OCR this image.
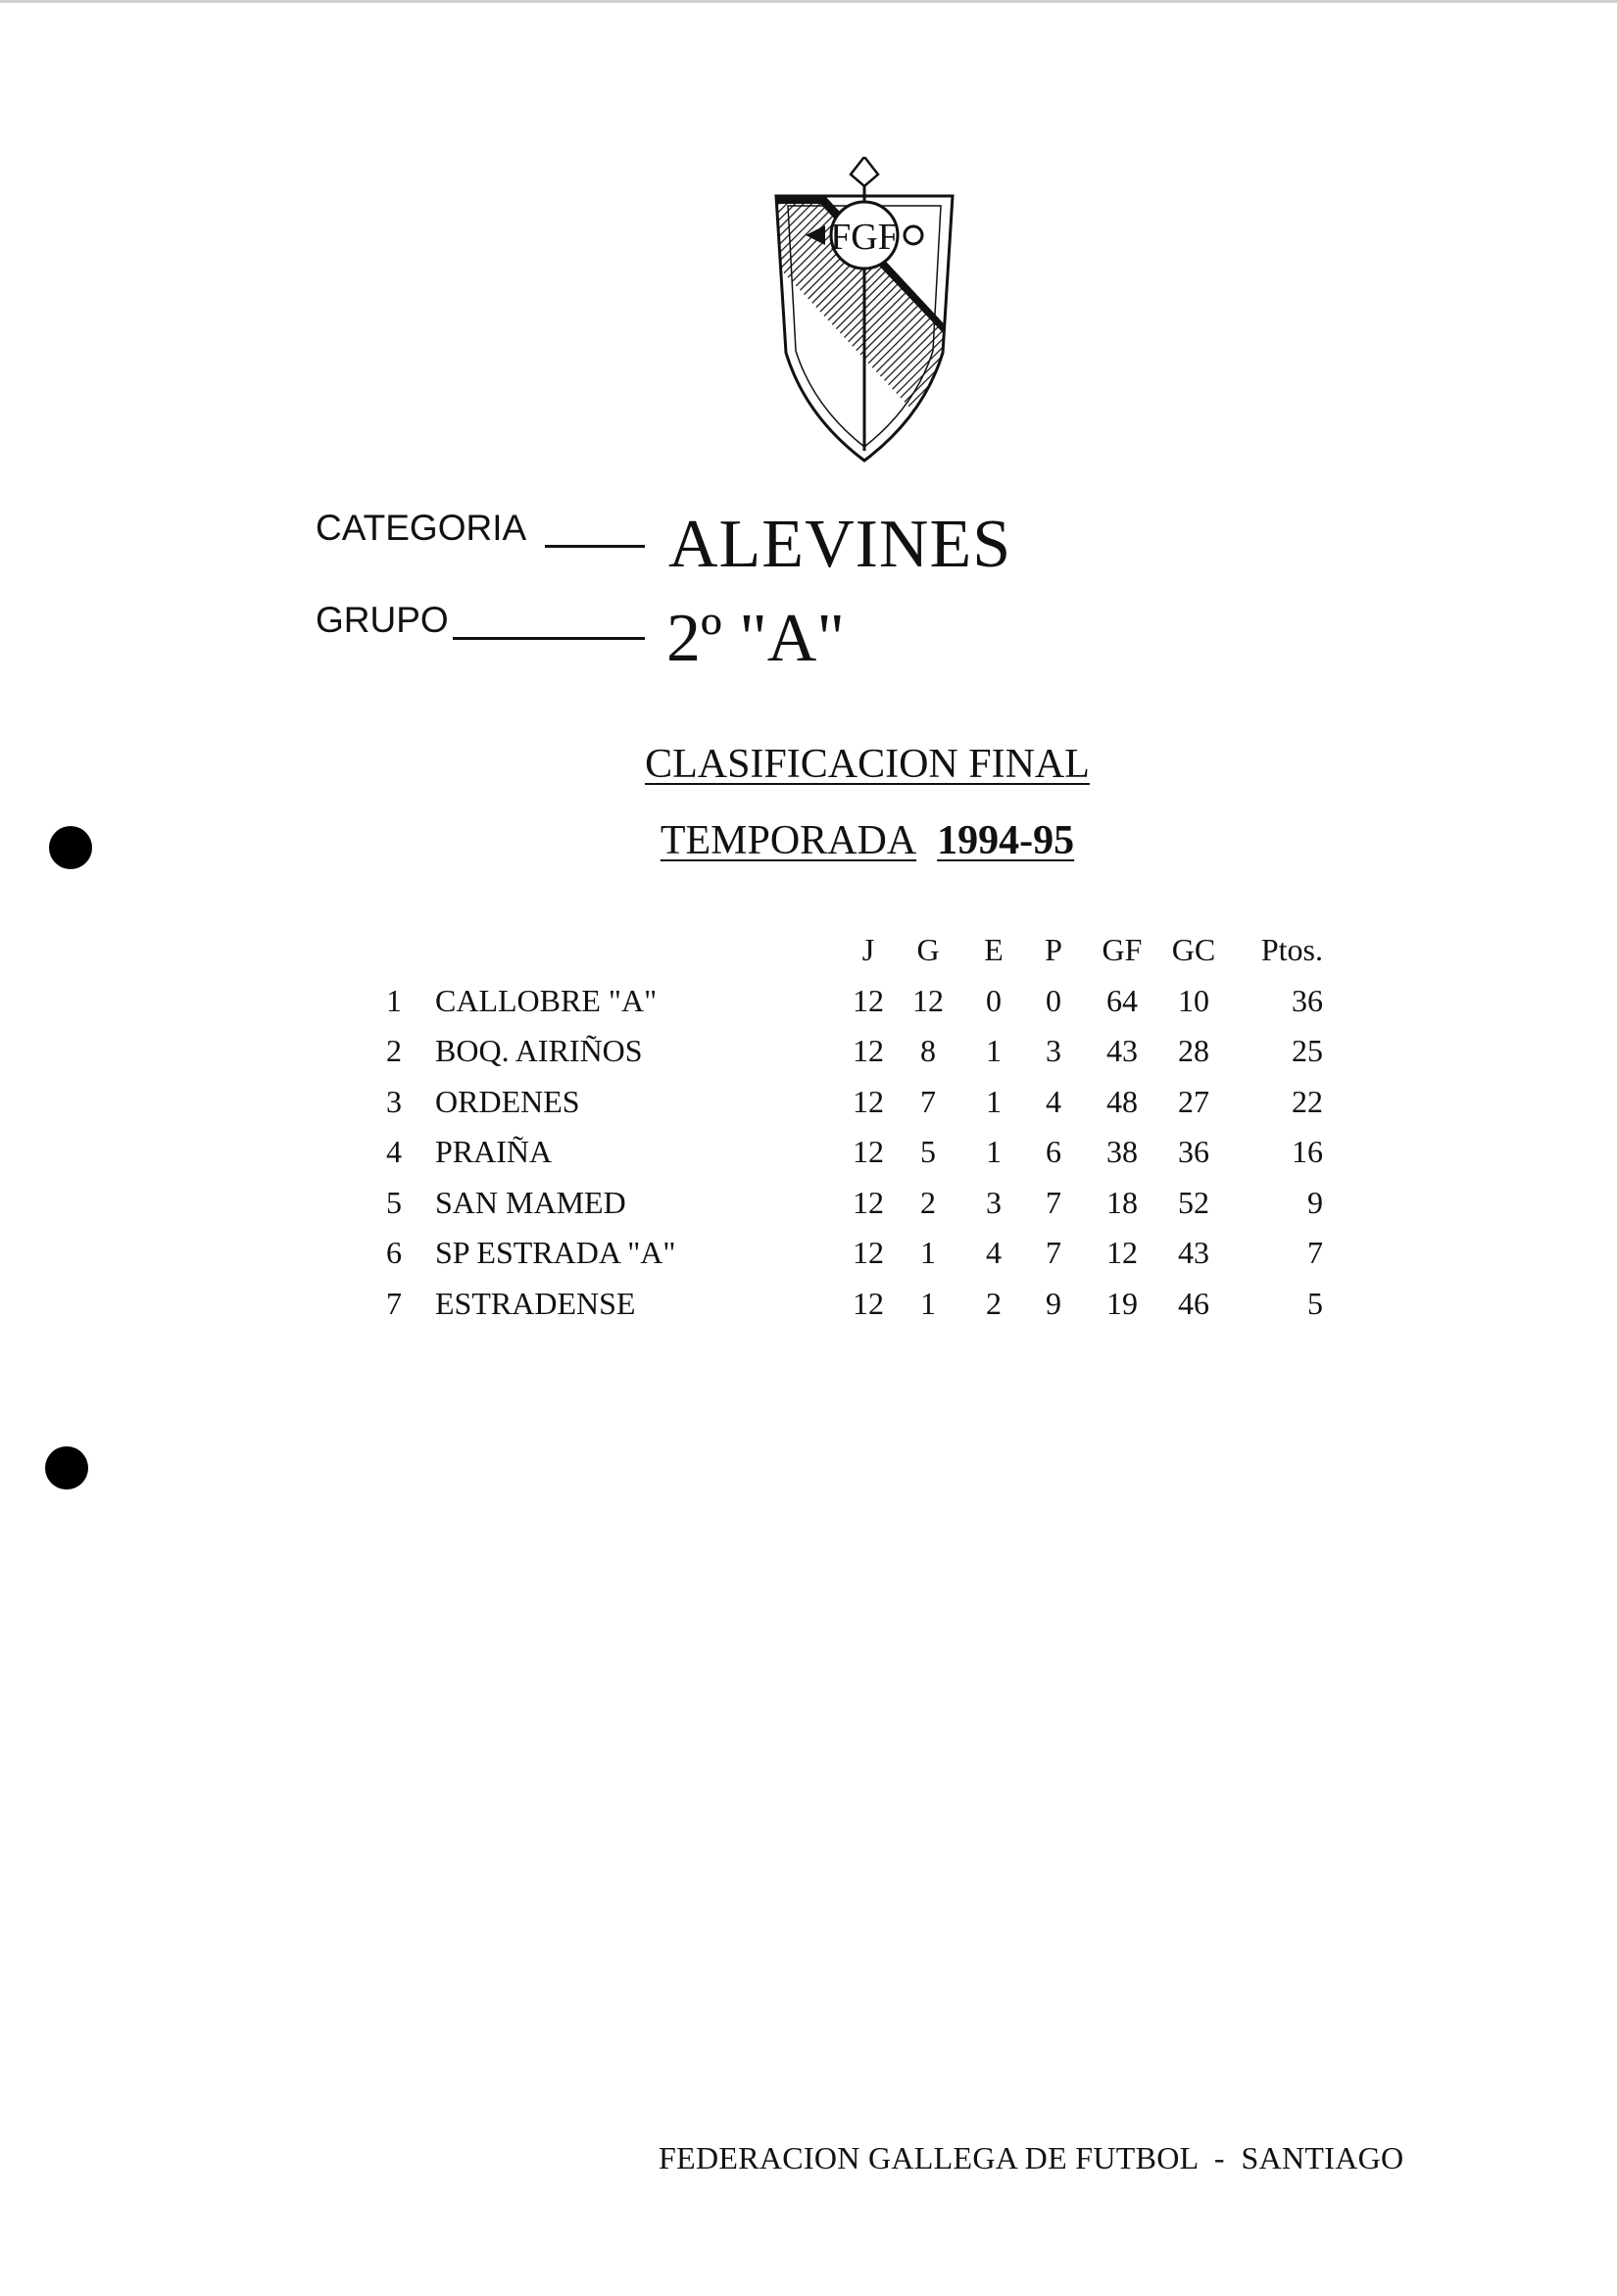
FGF
CATEGORIA ALEVINES
GRUPO	2º "A"
CLASIFICACION FINAL
TEMPORADA 1994-95
		J	G	E	P	GF	GC	Ptos.
1	CALLOBRE "A"	12	12	0	0	64	10	36
2	BOQ. AIRIÑOS	12	8	1	3	43	28	25
3	ORDENES	12	7	1	4	48	27	22
4	PRAIÑA	12	5	1	6	38	36	16
5	SAN MAMED	12	2	3	7	18	52	9
6	SP ESTRADA "A"	12	1	4	7	12	43	7
7	ESTRADENSE	12	1	2	9	19	46	5
FEDERACION GALLEGA DE FUTBOL - SANTIAGO
